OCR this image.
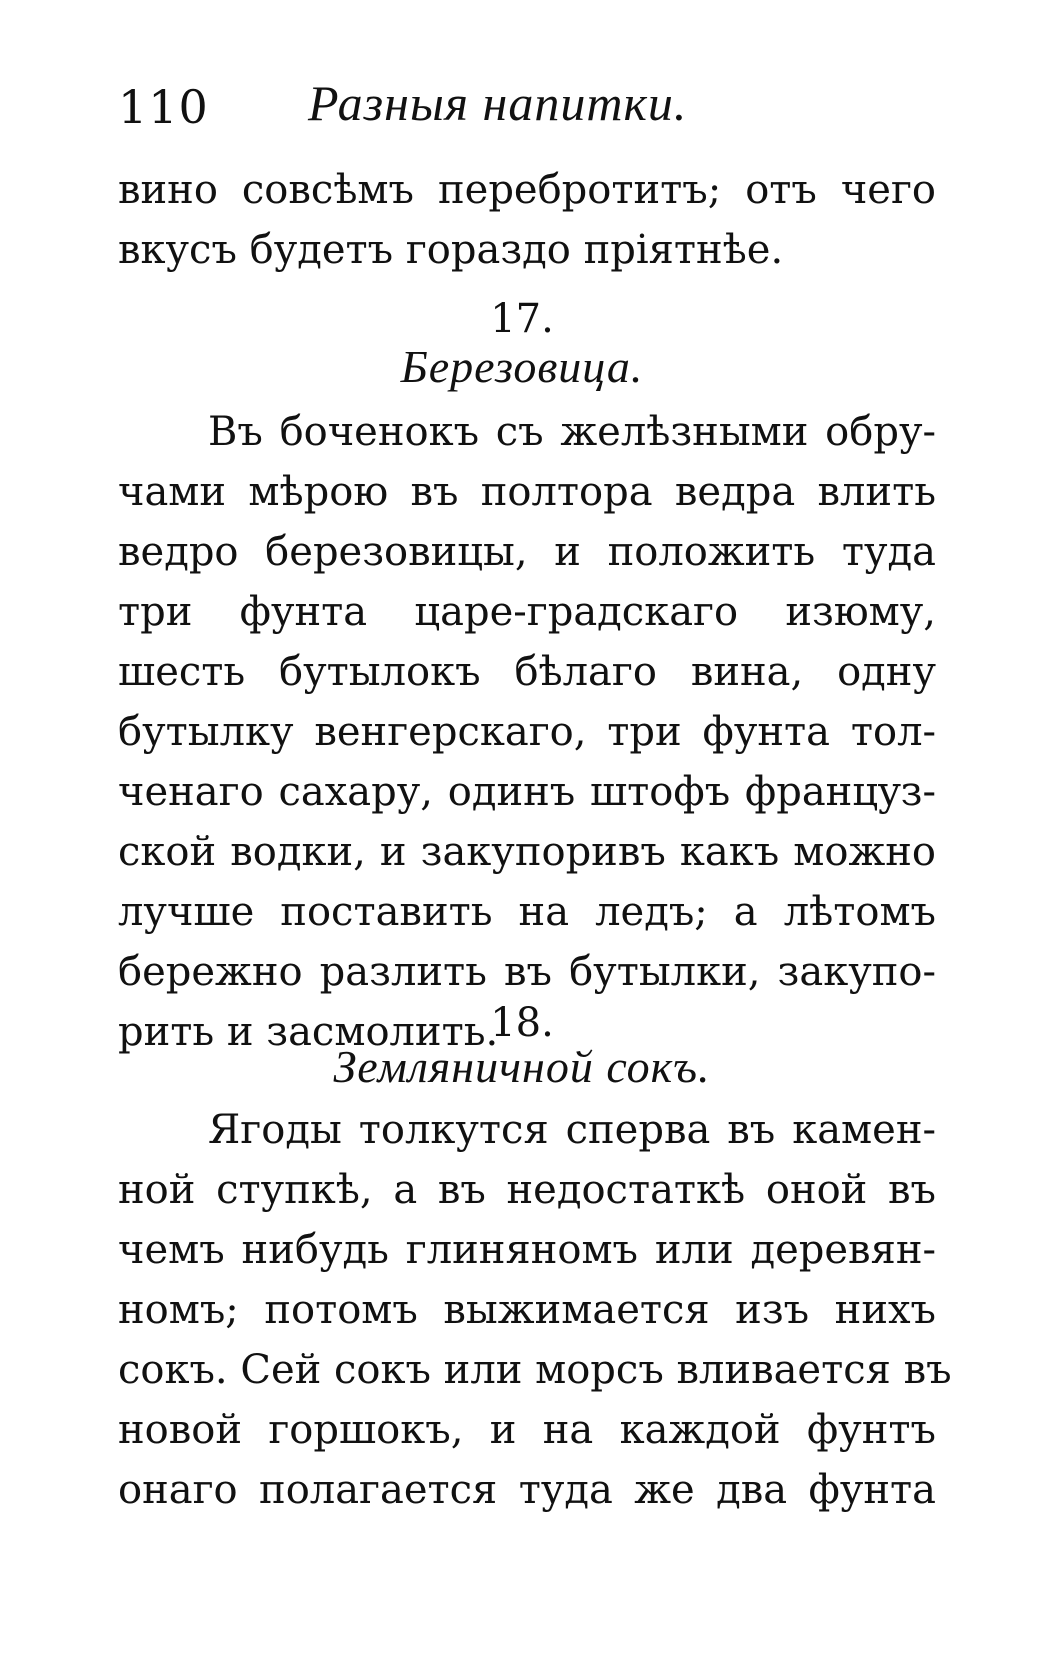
110 Разныя напитки.
вино совсѣмъ перебротитъ; отъ чего
вкусъ будетъ гораздо пріятнѣе.
17.
Березовица.
Въ боченокъ съ желѣзными обру-
чами мѣрою въ полтора ведра влить
ведро березовицы, и положить туда
три фунта царе-градскаго изюму,
шесть бутылокъ бѣлаго вина, одну
бутылку венгерскаго, три фунта тол-
ченаго сахару, одинъ штофъ францyз-
ской водки, и закупоривъ какъ можно
лучше поставить на ледъ; а лѣтомъ
бережно разлить въ бутылки, закупо-
рить и засмолить.
18.
Земляничной сокъ.
Ягоды толкутся сперва въ камен-
ной ступкѣ, а въ недостаткѣ оной въ
чемъ нибудь глиняномъ или деревян-
номъ; потомъ выжимается изъ нихъ
сокъ. Сей сокъ или морсъ вливается въ
новой горшокъ, и на каждой фунтъ
онаго полагается туда же два фунта
